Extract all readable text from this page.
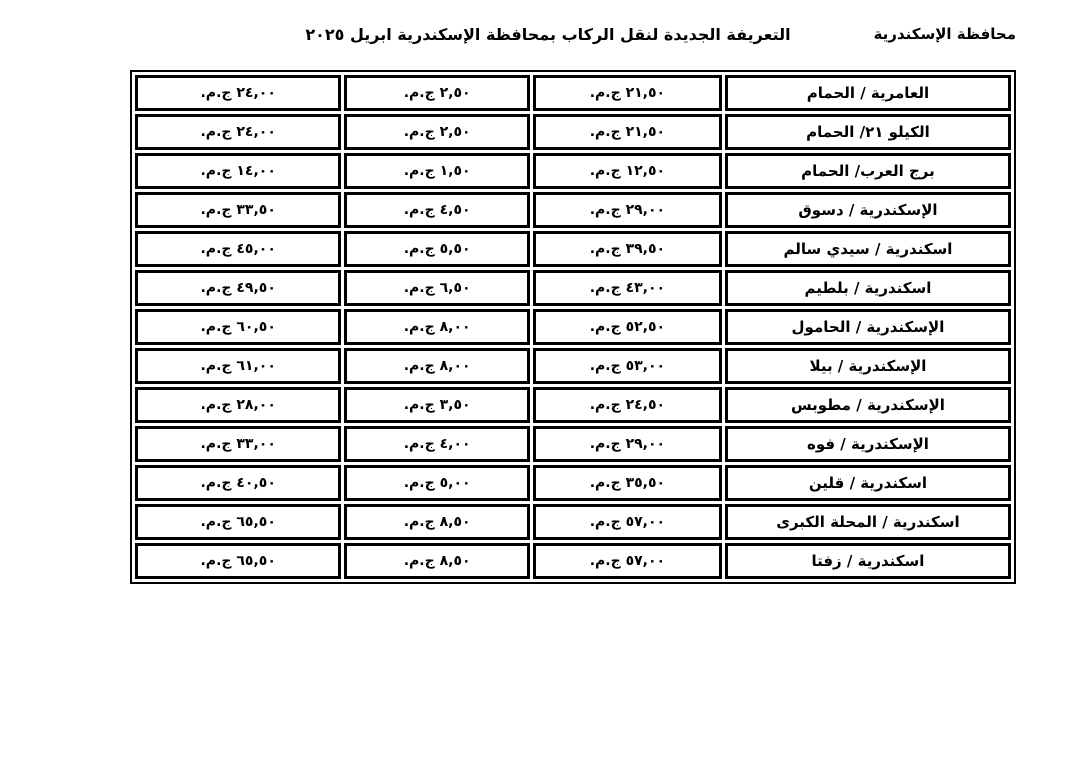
محافظة الإسكندرية
التعريفة الجديدة لنقل الركاب بمحافظة الإسكندرية ابريل ٢٠٢٥
العامرية / الحمام	٢١,٥٠ ج.م.	٢,٥٠ ج.م.	٢٤,٠٠ ج.م.
الكيلو ٢١/ الحمام	٢١,٥٠ ج.م.	٢,٥٠ ج.م.	٢٤,٠٠ ج.م.
برج العرب/ الحمام	١٢,٥٠ ج.م.	١,٥٠ ج.م.	١٤,٠٠ ج.م.
الإسكندرية / دسوق	٢٩,٠٠ ج.م.	٤,٥٠ ج.م.	٣٣,٥٠ ج.م.
اسكندرية / سيدي سالم	٣٩,٥٠ ج.م.	٥,٥٠ ج.م.	٤٥,٠٠ ج.م.
اسكندرية / بلطيم	٤٣,٠٠ ج.م.	٦,٥٠ ج.م.	٤٩,٥٠ ج.م.
الإسكندرية / الحامول	٥٢,٥٠ ج.م.	٨,٠٠ ج.م.	٦٠,٥٠ ج.م.
الإسكندرية / بيلا	٥٣,٠٠ ج.م.	٨,٠٠ ج.م.	٦١,٠٠ ج.م.
الإسكندرية / مطوبس	٢٤,٥٠ ج.م.	٣,٥٠ ج.م.	٢٨,٠٠ ج.م.
الإسكندرية / فوه	٢٩,٠٠ ج.م.	٤,٠٠ ج.م.	٣٣,٠٠ ج.م.
اسكندرية / قلين	٣٥,٥٠ ج.م.	٥,٠٠ ج.م.	٤٠,٥٠ ج.م.
اسكندرية / المحلة الكبرى	٥٧,٠٠ ج.م.	٨,٥٠ ج.م.	٦٥,٥٠ ج.م.
اسكندرية / زفتا	٥٧,٠٠ ج.م.	٨,٥٠ ج.م.	٦٥,٥٠ ج.م.
